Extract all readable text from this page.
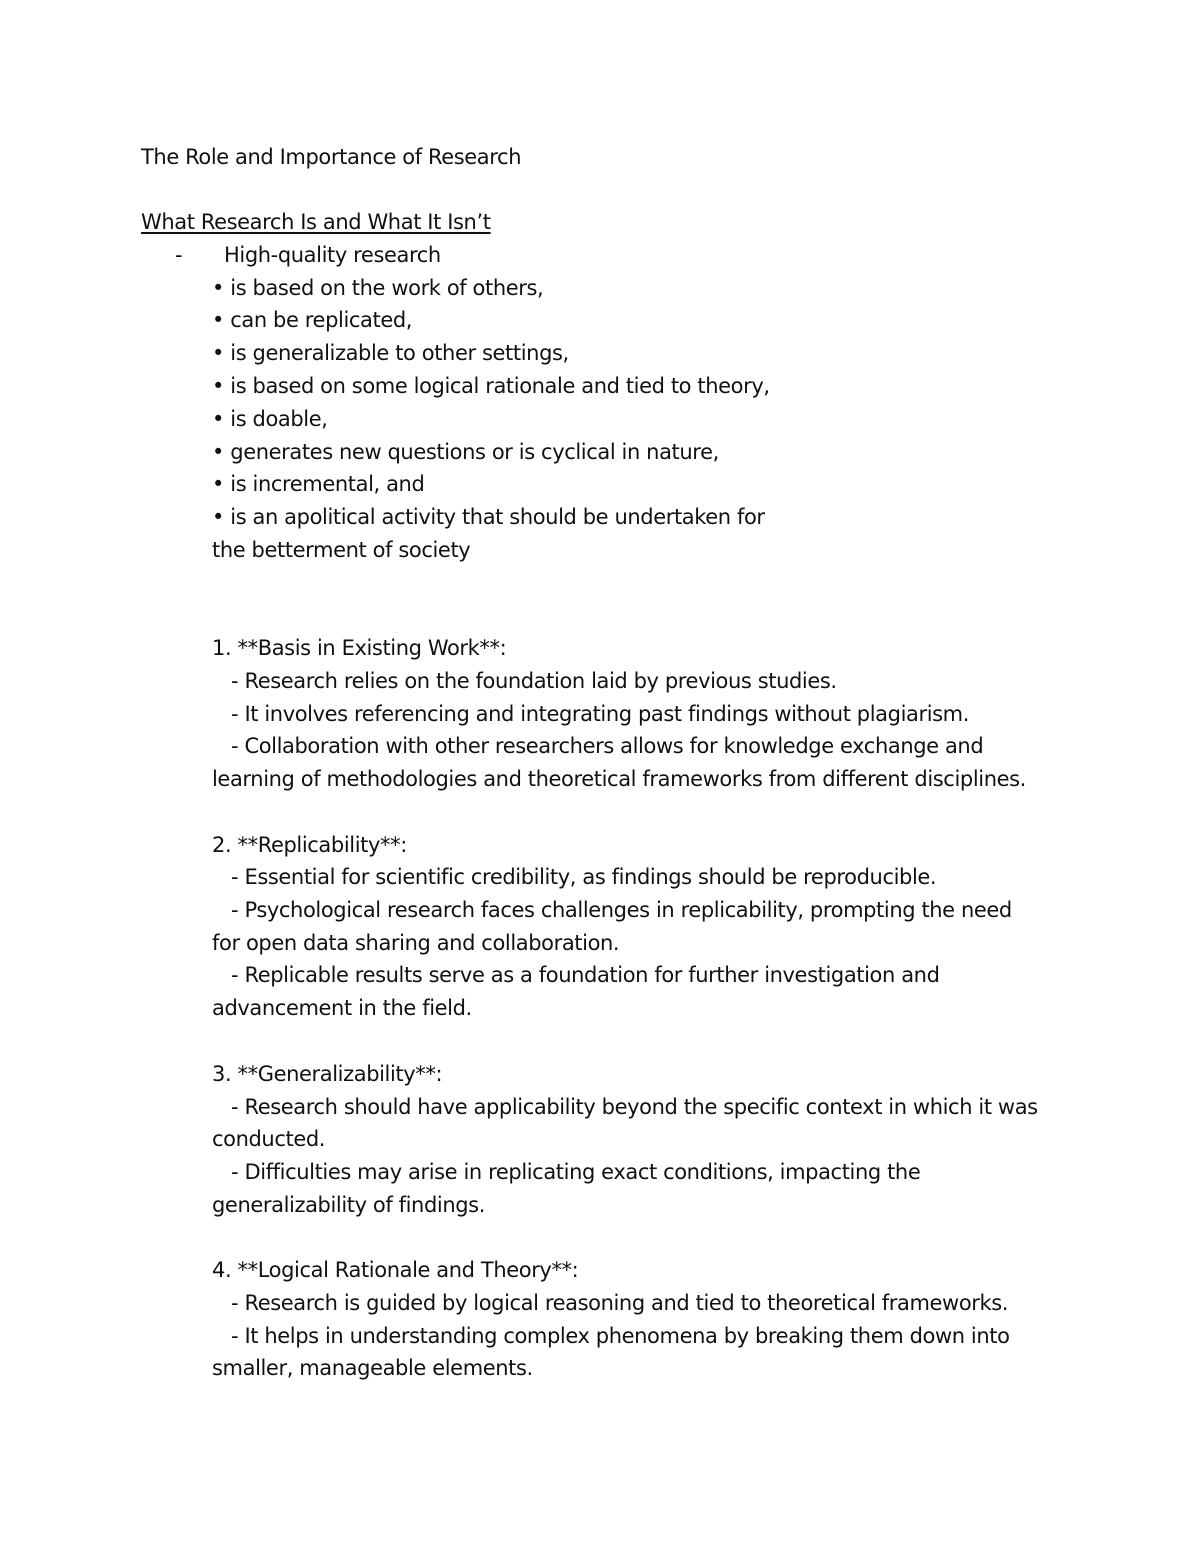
The Role and Importance of Research
What Research Is and What It Isn’t
- High-quality research
• is based on the work of others,
• can be replicated,
• is generalizable to other settings,
• is based on some logical rationale and tied to theory,
• is doable,
• generates new questions or is cyclical in nature,
• is incremental, and
• is an apolitical activity that should be undertaken for
the betterment of society
1. **Basis in Existing Work**:
- Research relies on the foundation laid by previous studies.
- It involves referencing and integrating past findings without plagiarism.
- Collaboration with other researchers allows for knowledge exchange and
learning of methodologies and theoretical frameworks from different disciplines.
2. **Replicability**:
- Essential for scientific credibility, as findings should be reproducible.
- Psychological research faces challenges in replicability, prompting the need
for open data sharing and collaboration.
- Replicable results serve as a foundation for further investigation and
advancement in the field.
3. **Generalizability**:
- Research should have applicability beyond the specific context in which it was
conducted.
- Difficulties may arise in replicating exact conditions, impacting the
generalizability of findings.
4. **Logical Rationale and Theory**:
- Research is guided by logical reasoning and tied to theoretical frameworks.
- It helps in understanding complex phenomena by breaking them down into
smaller, manageable elements.
